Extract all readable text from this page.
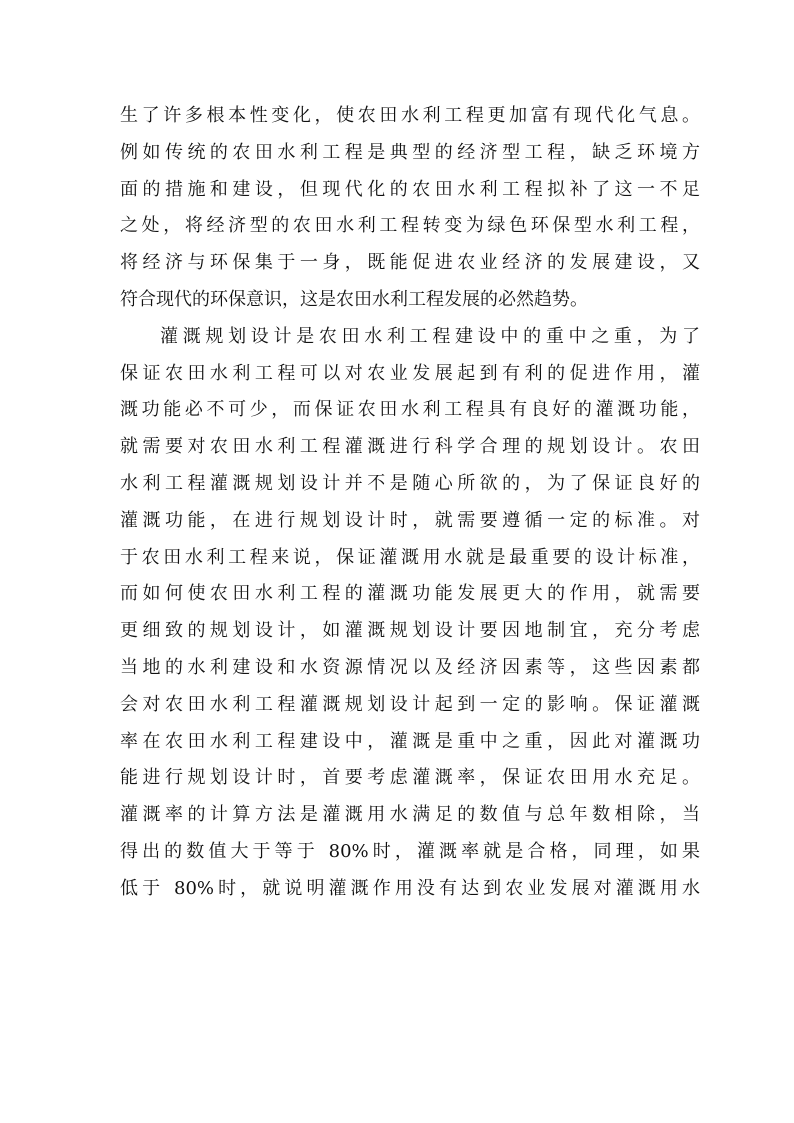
生了许多根本性变化，使农田水利工程更加富有现代化气息。
例如传统的农田水利工程是典型的经济型工程，缺乏环境方
面的措施和建设，但现代化的农田水利工程拟补了这一不足
之处，将经济型的农田水利工程转变为绿色环保型水利工程，
将经济与环保集于一身，既能促进农业经济的发展建设，又
符合现代的环保意识，这是农田水利工程发展的必然趋势。
灌溉规划设计是农田水利工程建设中的重中之重，为了
保证农田水利工程可以对农业发展起到有利的促进作用，灌
溉功能必不可少，而保证农田水利工程具有良好的灌溉功能，
就需要对农田水利工程灌溉进行科学合理的规划设计。农田
水利工程灌溉规划设计并不是随心所欲的，为了保证良好的
灌溉功能，在进行规划设计时，就需要遵循一定的标准。对
于农田水利工程来说，保证灌溉用水就是最重要的设计标准，
而如何使农田水利工程的灌溉功能发展更大的作用，就需要
更细致的规划设计，如灌溉规划设计要因地制宜，充分考虑
当地的水利建设和水资源情况以及经济因素等，这些因素都
会对农田水利工程灌溉规划设计起到一定的影响。保证灌溉
率在农田水利工程建设中，灌溉是重中之重，因此对灌溉功
能进行规划设计时，首要考虑灌溉率，保证农田用水充足。
灌溉率的计算方法是灌溉用水满足的数值与总年数相除，当
得出的数值大于等于 80%时，灌溉率就是合格，同理，如果
低于 80%时，就说明灌溉作用没有达到农业发展对灌溉用水
